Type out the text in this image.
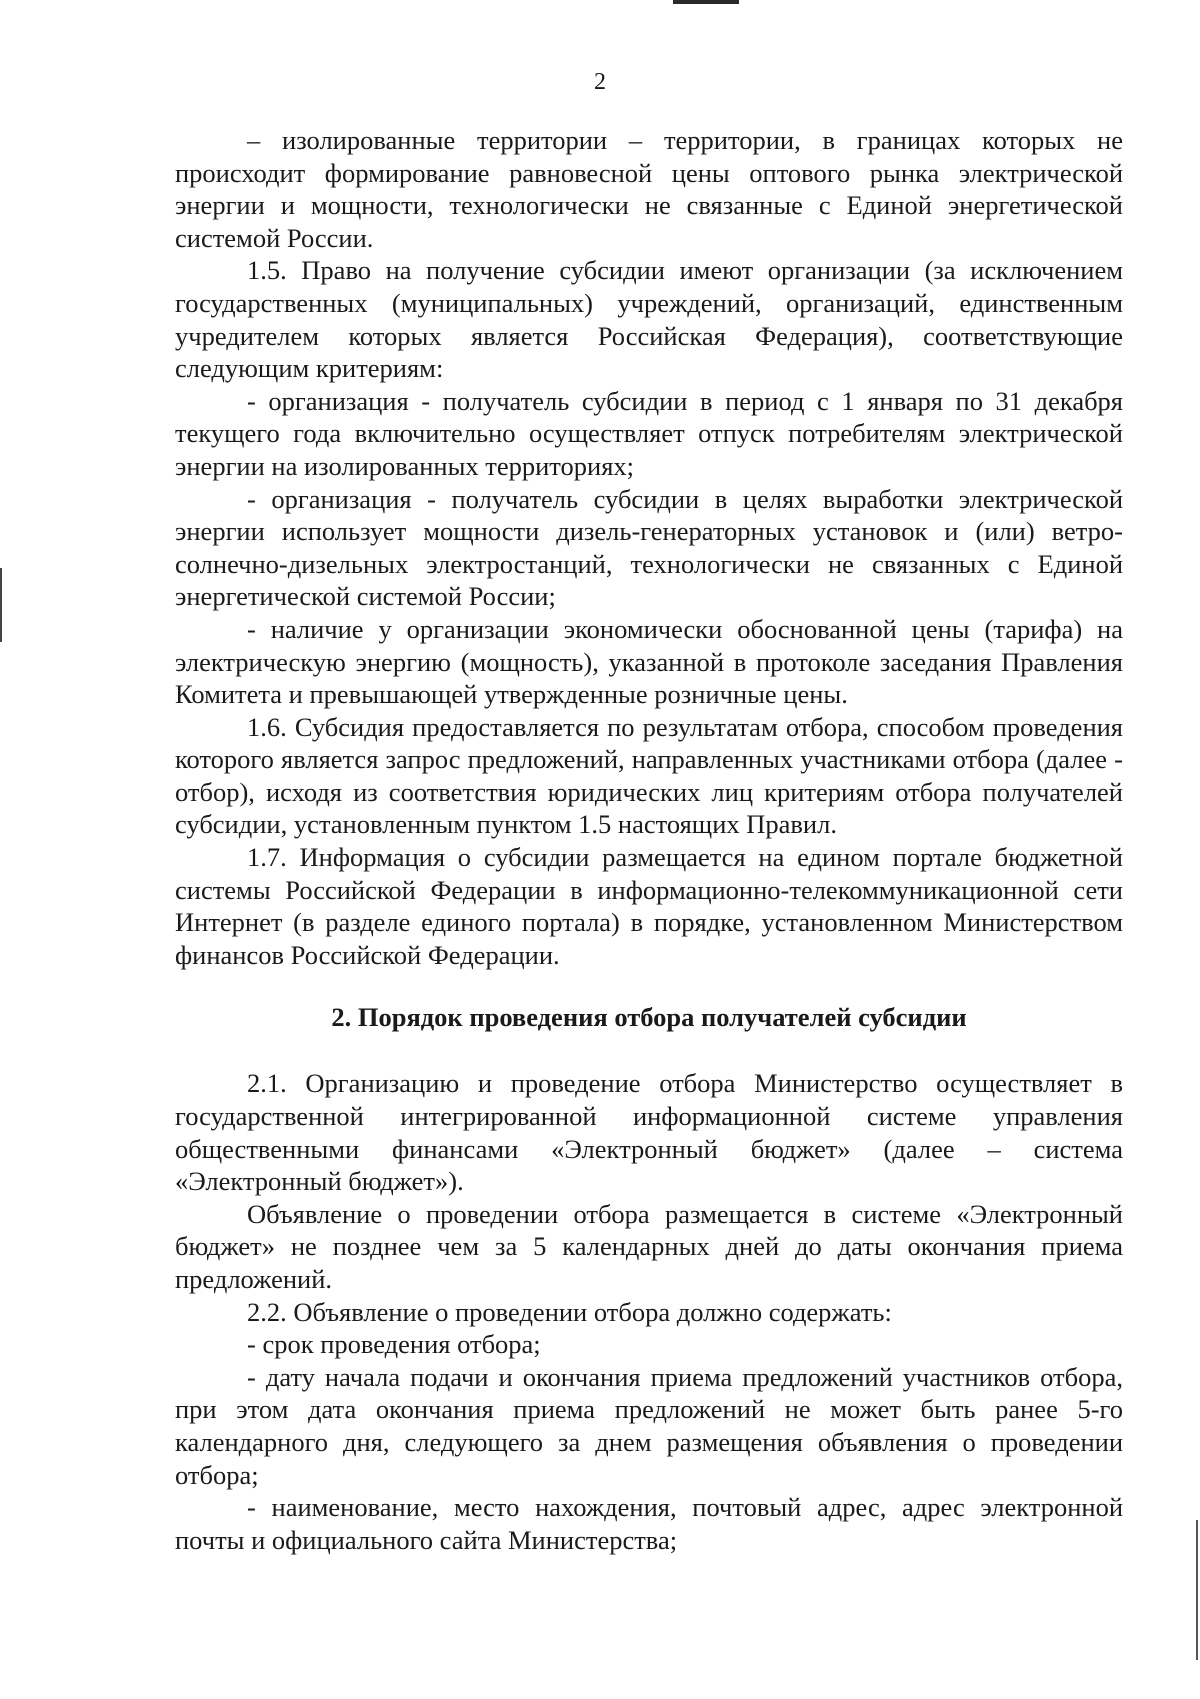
2

– изолированные территории – территории, в границах которых не происходит формирование равновесной цены оптового рынка электрической энергии и мощности, технологически не связанные с Единой энергетической системой России.

1.5. Право на получение субсидии имеют организации (за исключением государственных (муниципальных) учреждений, организаций, единственным учредителем которых является Российская Федерация), соответствующие следующим критериям:

- организация - получатель субсидии в период с 1 января по 31 декабря текущего года включительно осуществляет отпуск потребителям электрической энергии на изолированных территориях;

- организация - получатель субсидии в целях выработки электрической энергии использует мощности дизель-генераторных установок и (или) ветро-солнечно-дизельных электростанций, технологически не связанных с Единой энергетической системой России;

- наличие у организации экономически обоснованной цены (тарифа) на электрическую энергию (мощность), указанной в протоколе заседания Правления Комитета и превышающей утвержденные розничные цены.

1.6. Субсидия предоставляется по результатам отбора, способом проведения которого является запрос предложений, направленных участниками отбора (далее - отбор), исходя из соответствия юридических лиц критериям отбора получателей субсидии, установленным пунктом 1.5 настоящих Правил.

1.7. Информация о субсидии размещается на едином портале бюджетной системы Российской Федерации в информационно-телекоммуникационной сети Интернет (в разделе единого портала) в порядке, установленном Министерством финансов Российской Федерации.

2. Порядок проведения отбора получателей субсидии

2.1. Организацию и проведение отбора Министерство осуществляет в государственной интегрированной информационной системе управления общественными финансами «Электронный бюджет» (далее – система «Электронный бюджет»).

Объявление о проведении отбора размещается в системе «Электронный бюджет» не позднее чем за 5 календарных дней до даты окончания приема предложений.

2.2. Объявление о проведении отбора должно содержать:

- срок проведения отбора;

- дату начала подачи и окончания приема предложений участников отбора, при этом дата окончания приема предложений не может быть ранее 5-го календарного дня, следующего за днем размещения объявления о проведении отбора;

- наименование, место нахождения, почтовый адрес, адрес электронной почты и официального сайта Министерства;
